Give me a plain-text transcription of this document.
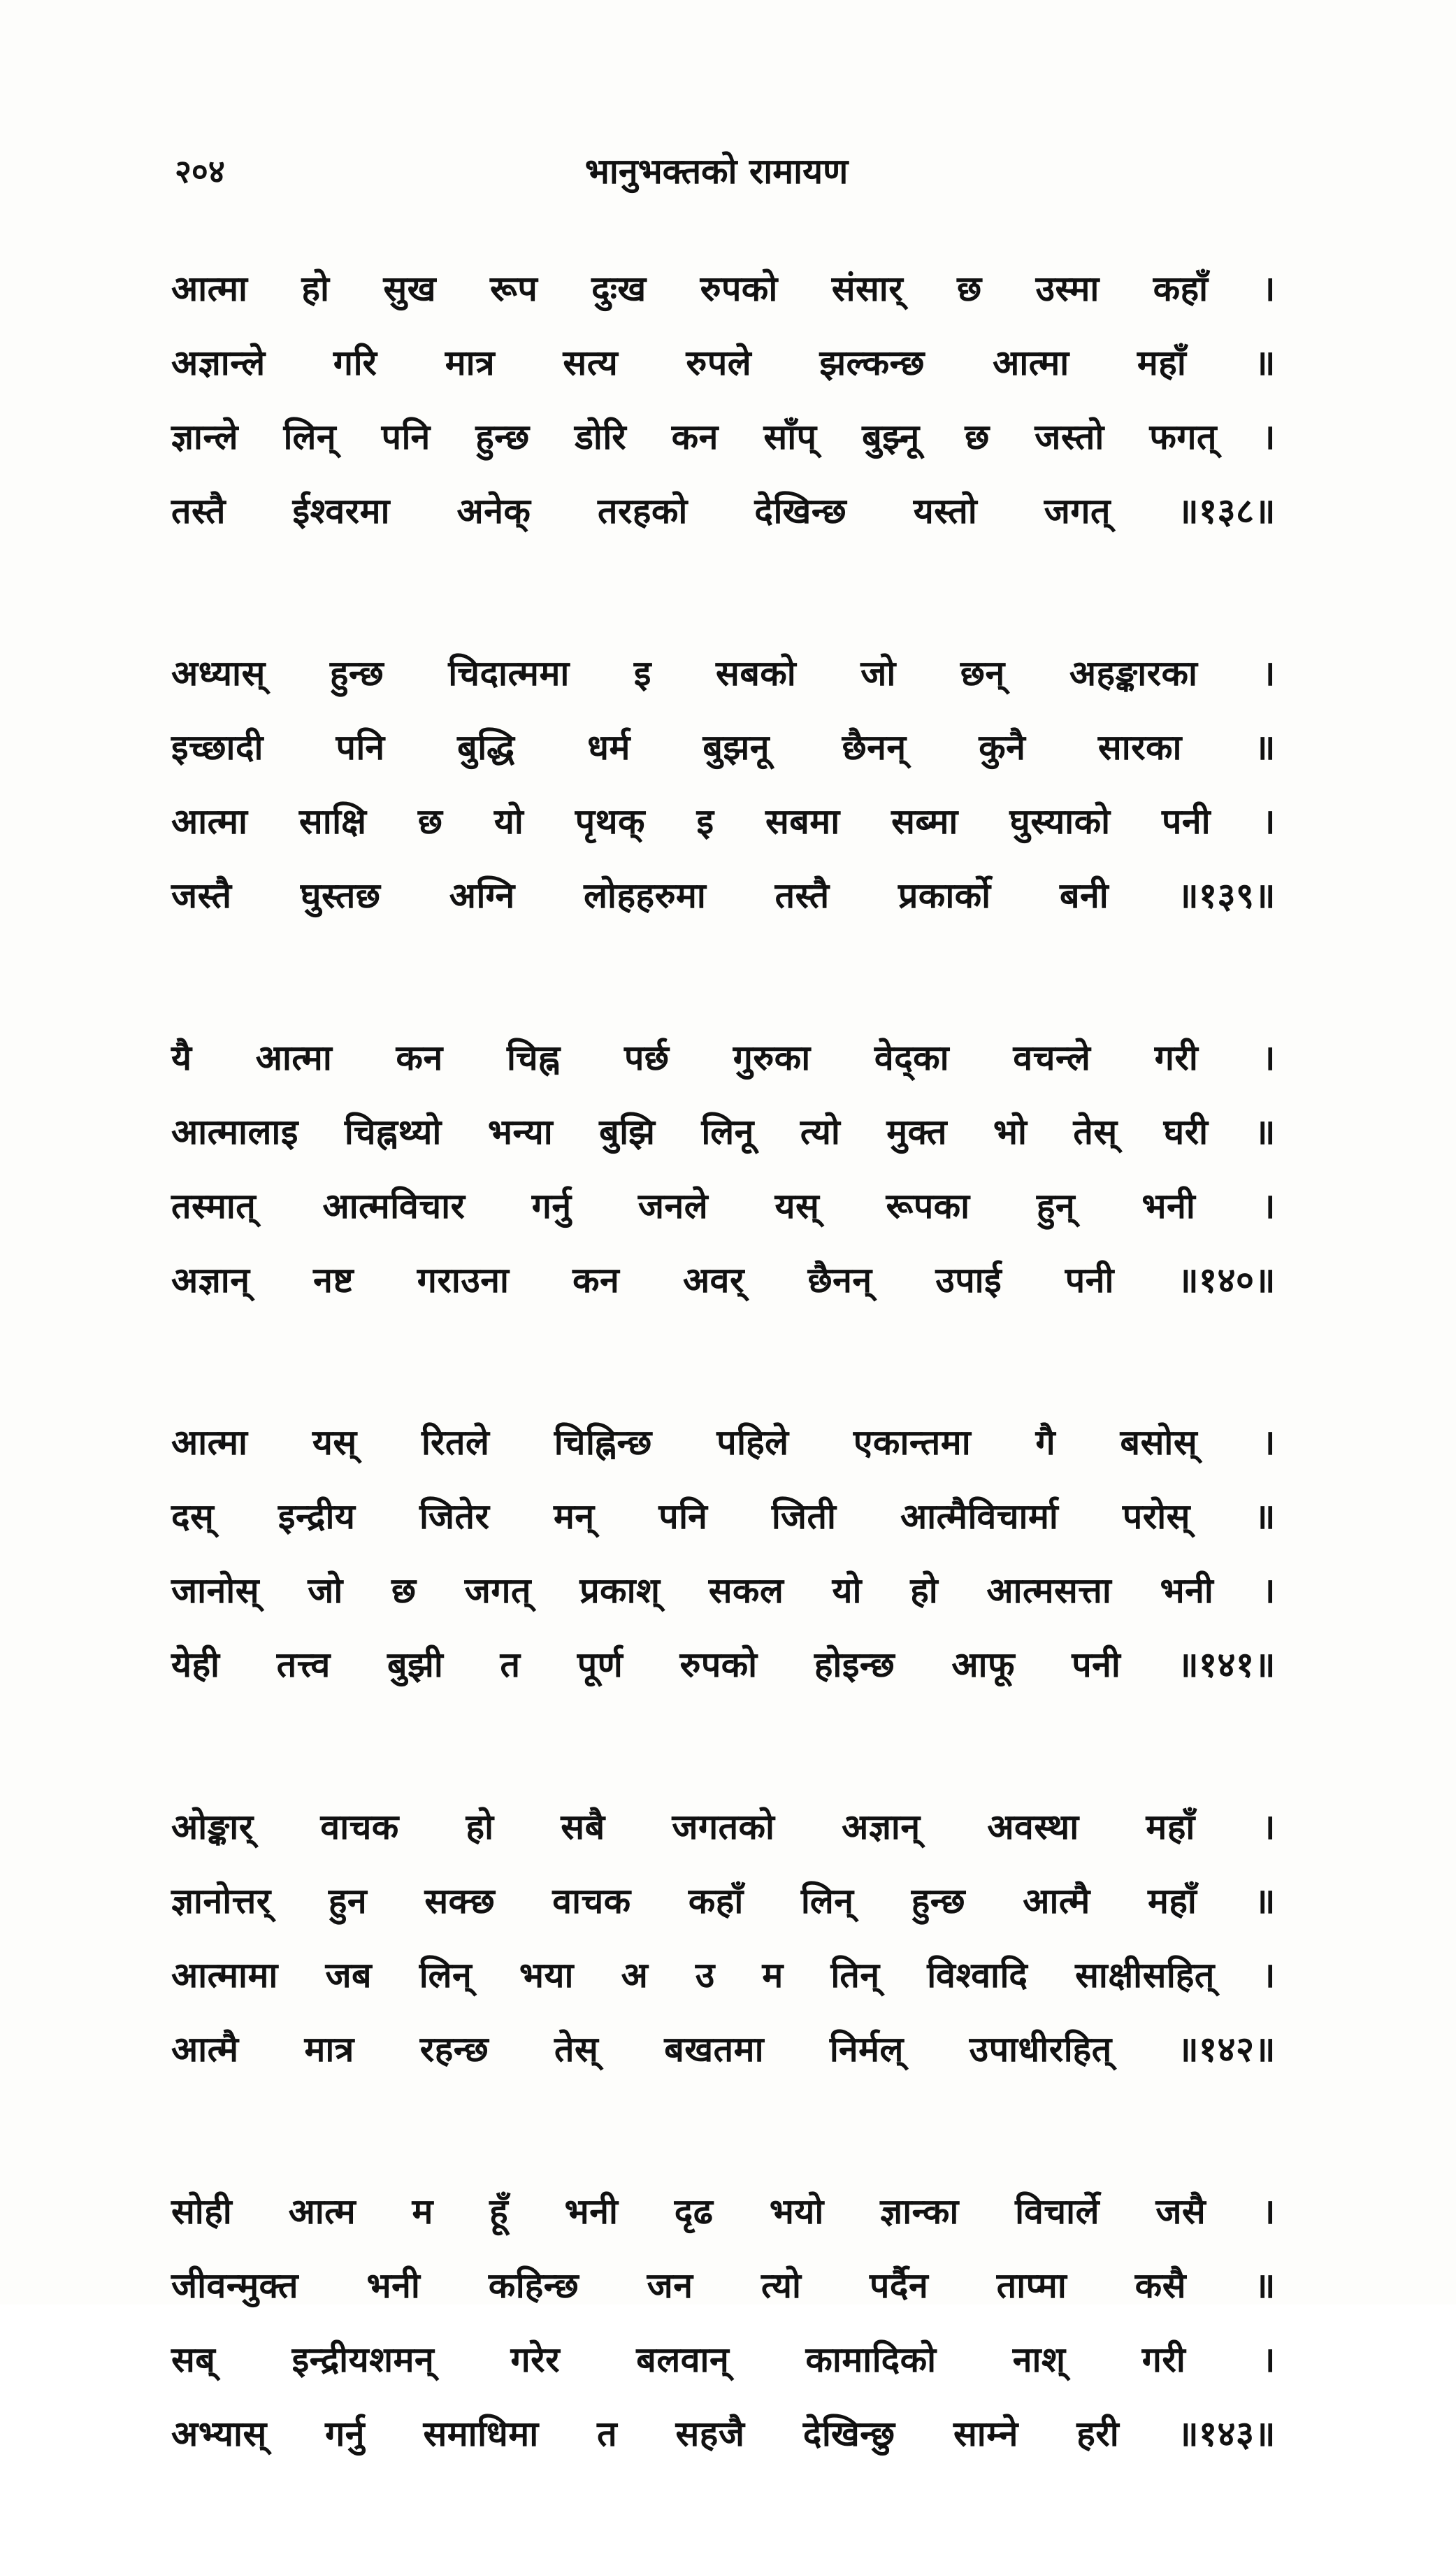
२०४	भानुभक्तको रामायण
आत्मा हो सुख रूप दुःख रुपको संसार् छ उस्मा कहाँ ।
अज्ञान्ले गरि मात्र सत्य रुपले झल्कन्छ आत्मा महाँ ॥
ज्ञान्ले लिन् पनि हुन्छ डोरि कन साँप् बुझ्नू छ जस्तो फगत् ।
तस्तै ईश्वरमा अनेक् तरहको देखिन्छ यस्तो जगत् ॥१३८॥
अध्यास् हुन्छ चिदात्ममा इ सबको जो छन् अहङ्कारका ।
इच्छादी पनि बुद्धि धर्म बुझनू छैनन् कुनै सारका ॥
आत्मा साक्षि छ यो पृथक् इ सबमा सब्मा घुस्याको पनी ।
जस्तै घुस्तछ अग्नि लोहहरुमा तस्तै प्रकार्को बनी ॥१३९॥
यै आत्मा कन चिह्न पर्छ गुरुका वेद्का वचन्ले गरी ।
आत्मालाइ चिह्नथ्यो भन्या बुझि लिनू त्यो मुक्त भो तेस् घरी ॥
तस्मात् आत्मविचार गर्नु जनले यस् रूपका हुन् भनी ।
अज्ञान् नष्ट गराउना कन अवर् छैनन् उपाई पनी ॥१४०॥
आत्मा यस् रितले चिह्निन्छ पहिले एकान्तमा गै बसोस् ।
दस् इन्द्रीय जितेर मन् पनि जिती आत्मैविचार्मा परोस् ॥
जानोस् जो छ जगत् प्रकाश् सकल यो हो आत्मसत्ता भनी ।
येही तत्त्व बुझी त पूर्ण रुपको होइन्छ आफू पनी ॥१४१॥
ओङ्कार् वाचक हो सबै जगतको अज्ञान् अवस्था महाँ ।
ज्ञानोत्तर् हुन सक्छ वाचक कहाँ लिन् हुन्छ आत्मै महाँ ॥
आत्मामा जब लिन् भया अ उ म तिन् विश्वादि साक्षीसहित् ।
आत्मै मात्र रहन्छ तेस् बखतमा निर्मल् उपाधीरहित् ॥१४२॥
सोही आत्म म हूँ भनी दृढ भयो ज्ञान्का विचार्ले जसै ।
जीवन्मुक्त भनी कहिन्छ जन त्यो पर्दैन ताप्मा कसै ॥
सब् इन्द्रीयशमन् गरेर बलवान् कामादिको नाश् गरी ।
अभ्यास् गर्नु समाधिमा त सहजै देखिन्छु साम्ने हरी ॥१४३॥
